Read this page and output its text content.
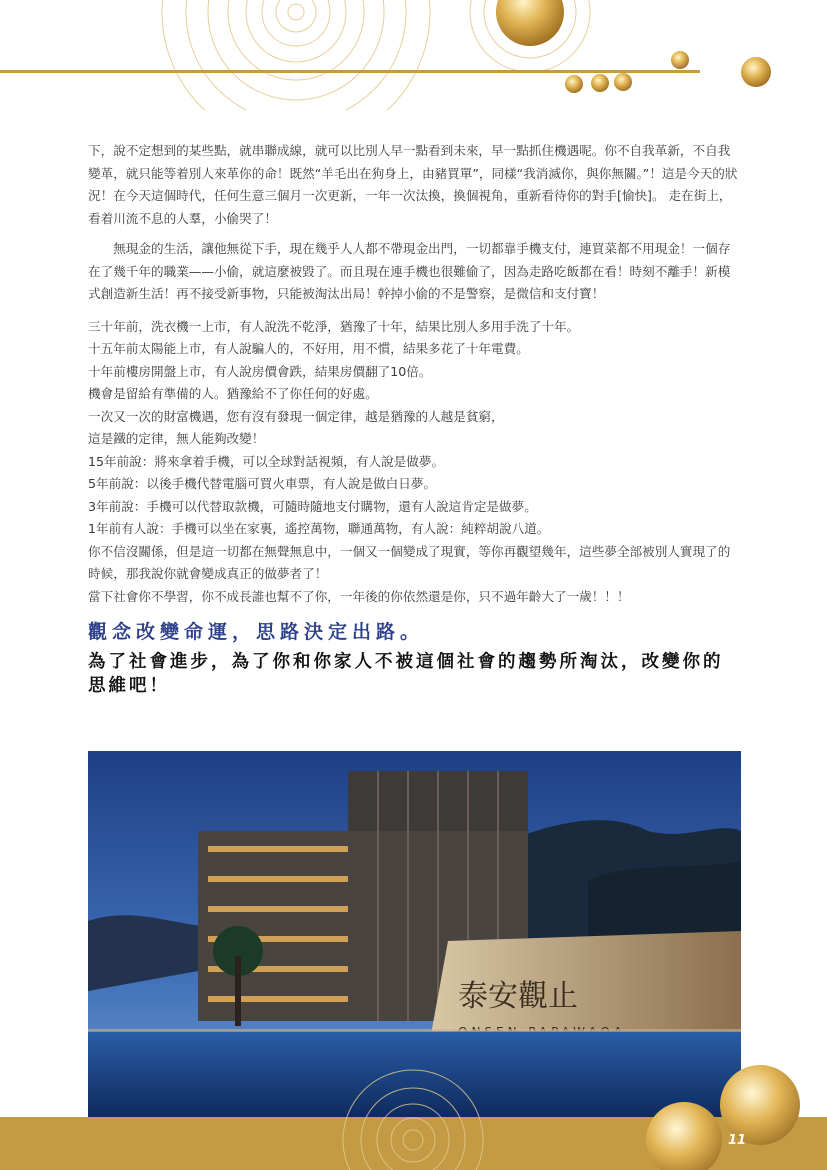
下，說不定想到的某些點，就串聯成線，就可以比別人早一點看到未來，早一點抓住機遇呢。你不自我革新，不自我變革，就只能等着別人來革你的命！既然“羊毛出在狗身上，由豬買單”，同樣“我消滅你，與你無關。”！這是今天的狀況！在今天這個時代，任何生意三個月一次更新，一年一次汰換，換個視角，重新看待你的對手[愉快]。 走在街上，看着川流不息的人羣，小偷哭了！

無現金的生活，讓他無從下手，現在幾乎人人都不帶現金出門，一切都靠手機支付，連買菜都不用現金！一個存在了幾千年的職業——小偷，就這麼被毀了。而且現在連手機也很難偷了，因為走路吃飯都在看！時刻不離手！新模式創造新生活！再不接受新事物，只能被淘汰出局！幹掉小偷的不是警察，是微信和支付寶！

三十年前，洗衣機一上市，有人說洗不乾淨，猶豫了十年，結果比別人多用手洗了十年。
十五年前太陽能上市，有人說騙人的，不好用，用不慣，結果多花了十年電費。
十年前樓房開盤上市，有人說房價會跌，結果房價翻了10倍。
機會是留給有準備的人。猶豫給不了你任何的好處。
一次又一次的財富機遇，您有沒有發現一個定律，越是猶豫的人越是貧窮，
這是鐵的定律，無人能夠改變！
15年前說：將來拿着手機，可以全球對話視頻，有人說是做夢。
5年前說：以後手機代替電腦可買火車票，有人說是做白日夢。
3年前說：手機可以代替取款機，可隨時隨地支付購物，還有人說這肯定是做夢。
1年前有人說：手機可以坐在家裏，遙控萬物，聯通萬物，有人說：純粹胡說八道。
你不信沒關係，但是這一切都在無聲無息中，一個又一個變成了現實，等你再觀望幾年，這些夢全部被別人實現了的時候，那我說你就會變成真正的做夢者了！
當下社會你不學習，你不成長誰也幫不了你，一年後的你依然還是你，只不過年齡大了一歲！！！
觀念改變命運，思路決定出路。
為了社會進步，為了你和你家人不被這個社會的趨勢所淘汰，改變你的思維吧！
泰安觀止
11
